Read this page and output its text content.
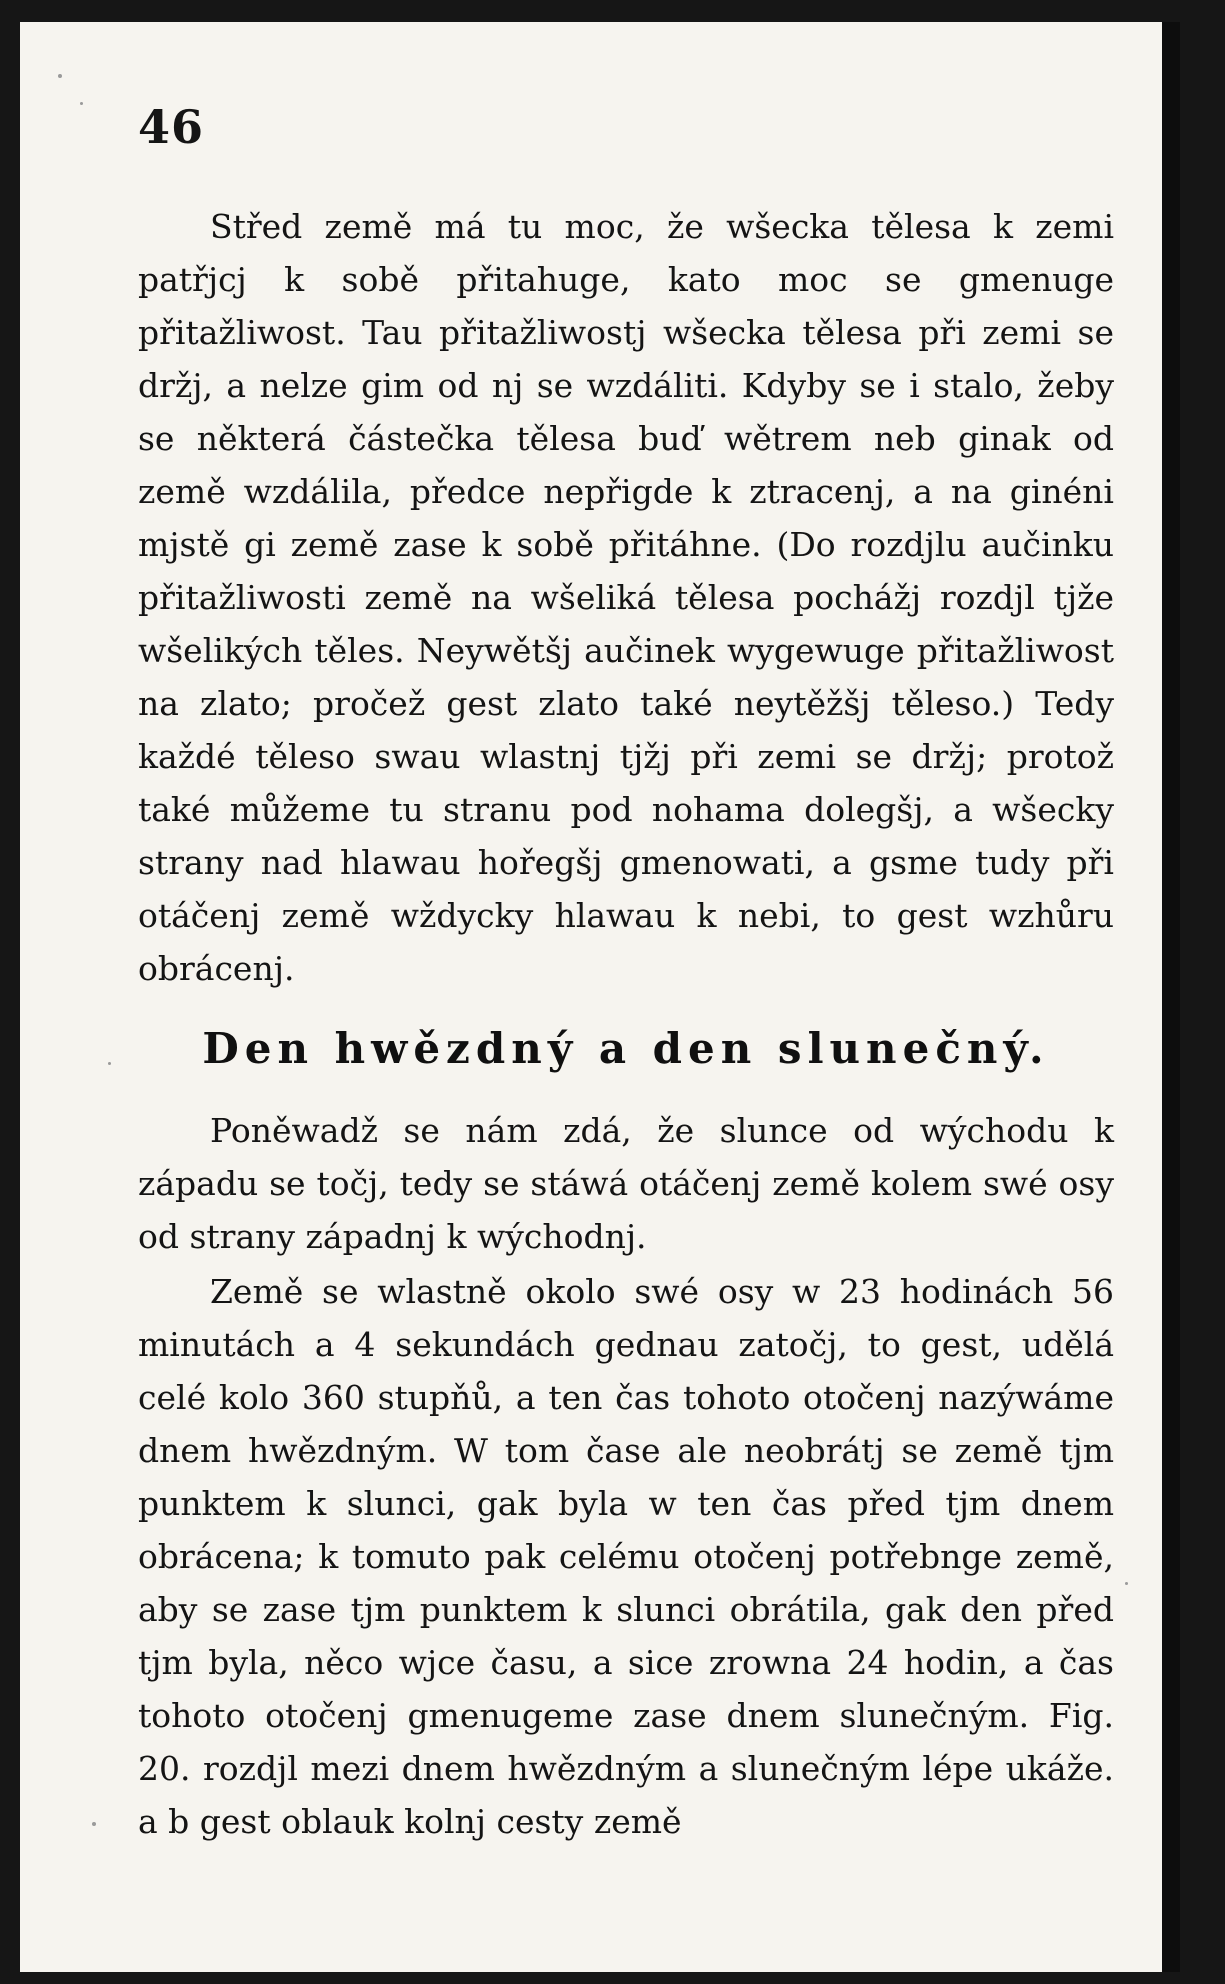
46

Střed země má tu moc, že wšecka tělesa k zemi patřjcj k sobě přitahuge, kato moc se gmenuge přitažliwost. Tau přitažliwostj wšecka tělesa při zemi se držj, a nelze gim od nj se wzdáliti. Kdyby se i stalo, žeby se některá částečka tělesa buď wětrem neb ginak od země wzdálila, předce nepřigde k ztracenj, a na ginéni mjstě gi země zase k sobě přitáhne. (Do rozdjlu aučinku přitažliwosti země na wšeliká tělesa pochážj rozdjl tjže wšelikých těles. Neywětšj aučinek wygewuge přitažliwost na zlato; pročež gest zlato také neytěžšj těleso.) Tedy každé těleso swau wlastnj tjžj při zemi se držj; protož také můžeme tu stranu pod nohama dolegšj, a wšecky strany nad hlawau hořegšj gmenowati, a gsme tudy při otáčenj země wždycky hlawau k nebi, to gest wzhůru obrácenj.

Den hwězdný a den slunečný.

Poněwadž se nám zdá, že slunce od wýchodu k západu se točj, tedy se stáwá otáčenj země kolem swé osy od strany západnj k wýchodnj.

Země se wlastně okolo swé osy w 23 hodinách 56 minutách a 4 sekundách gednau zatočj, to gest, udělá celé kolo 360 stupňů, a ten čas tohoto otočenj nazýwáme dnem hwězdným. W tom čase ale neobrátj se země tjm punktem k slunci, gak byla w ten čas před tjm dnem obrácena; k tomuto pak celému otočenj potřebnge země, aby se zase tjm punktem k slunci obrátila, gak den před tjm byla, něco wjce času, a sice zrowna 24 hodin, a čas tohoto otočenj gmenugeme zase dnem slunečným. Fig. 20. rozdjl mezi dnem hwězdným a slunečným lépe ukáže. a b gest oblauk kolnj cesty země
